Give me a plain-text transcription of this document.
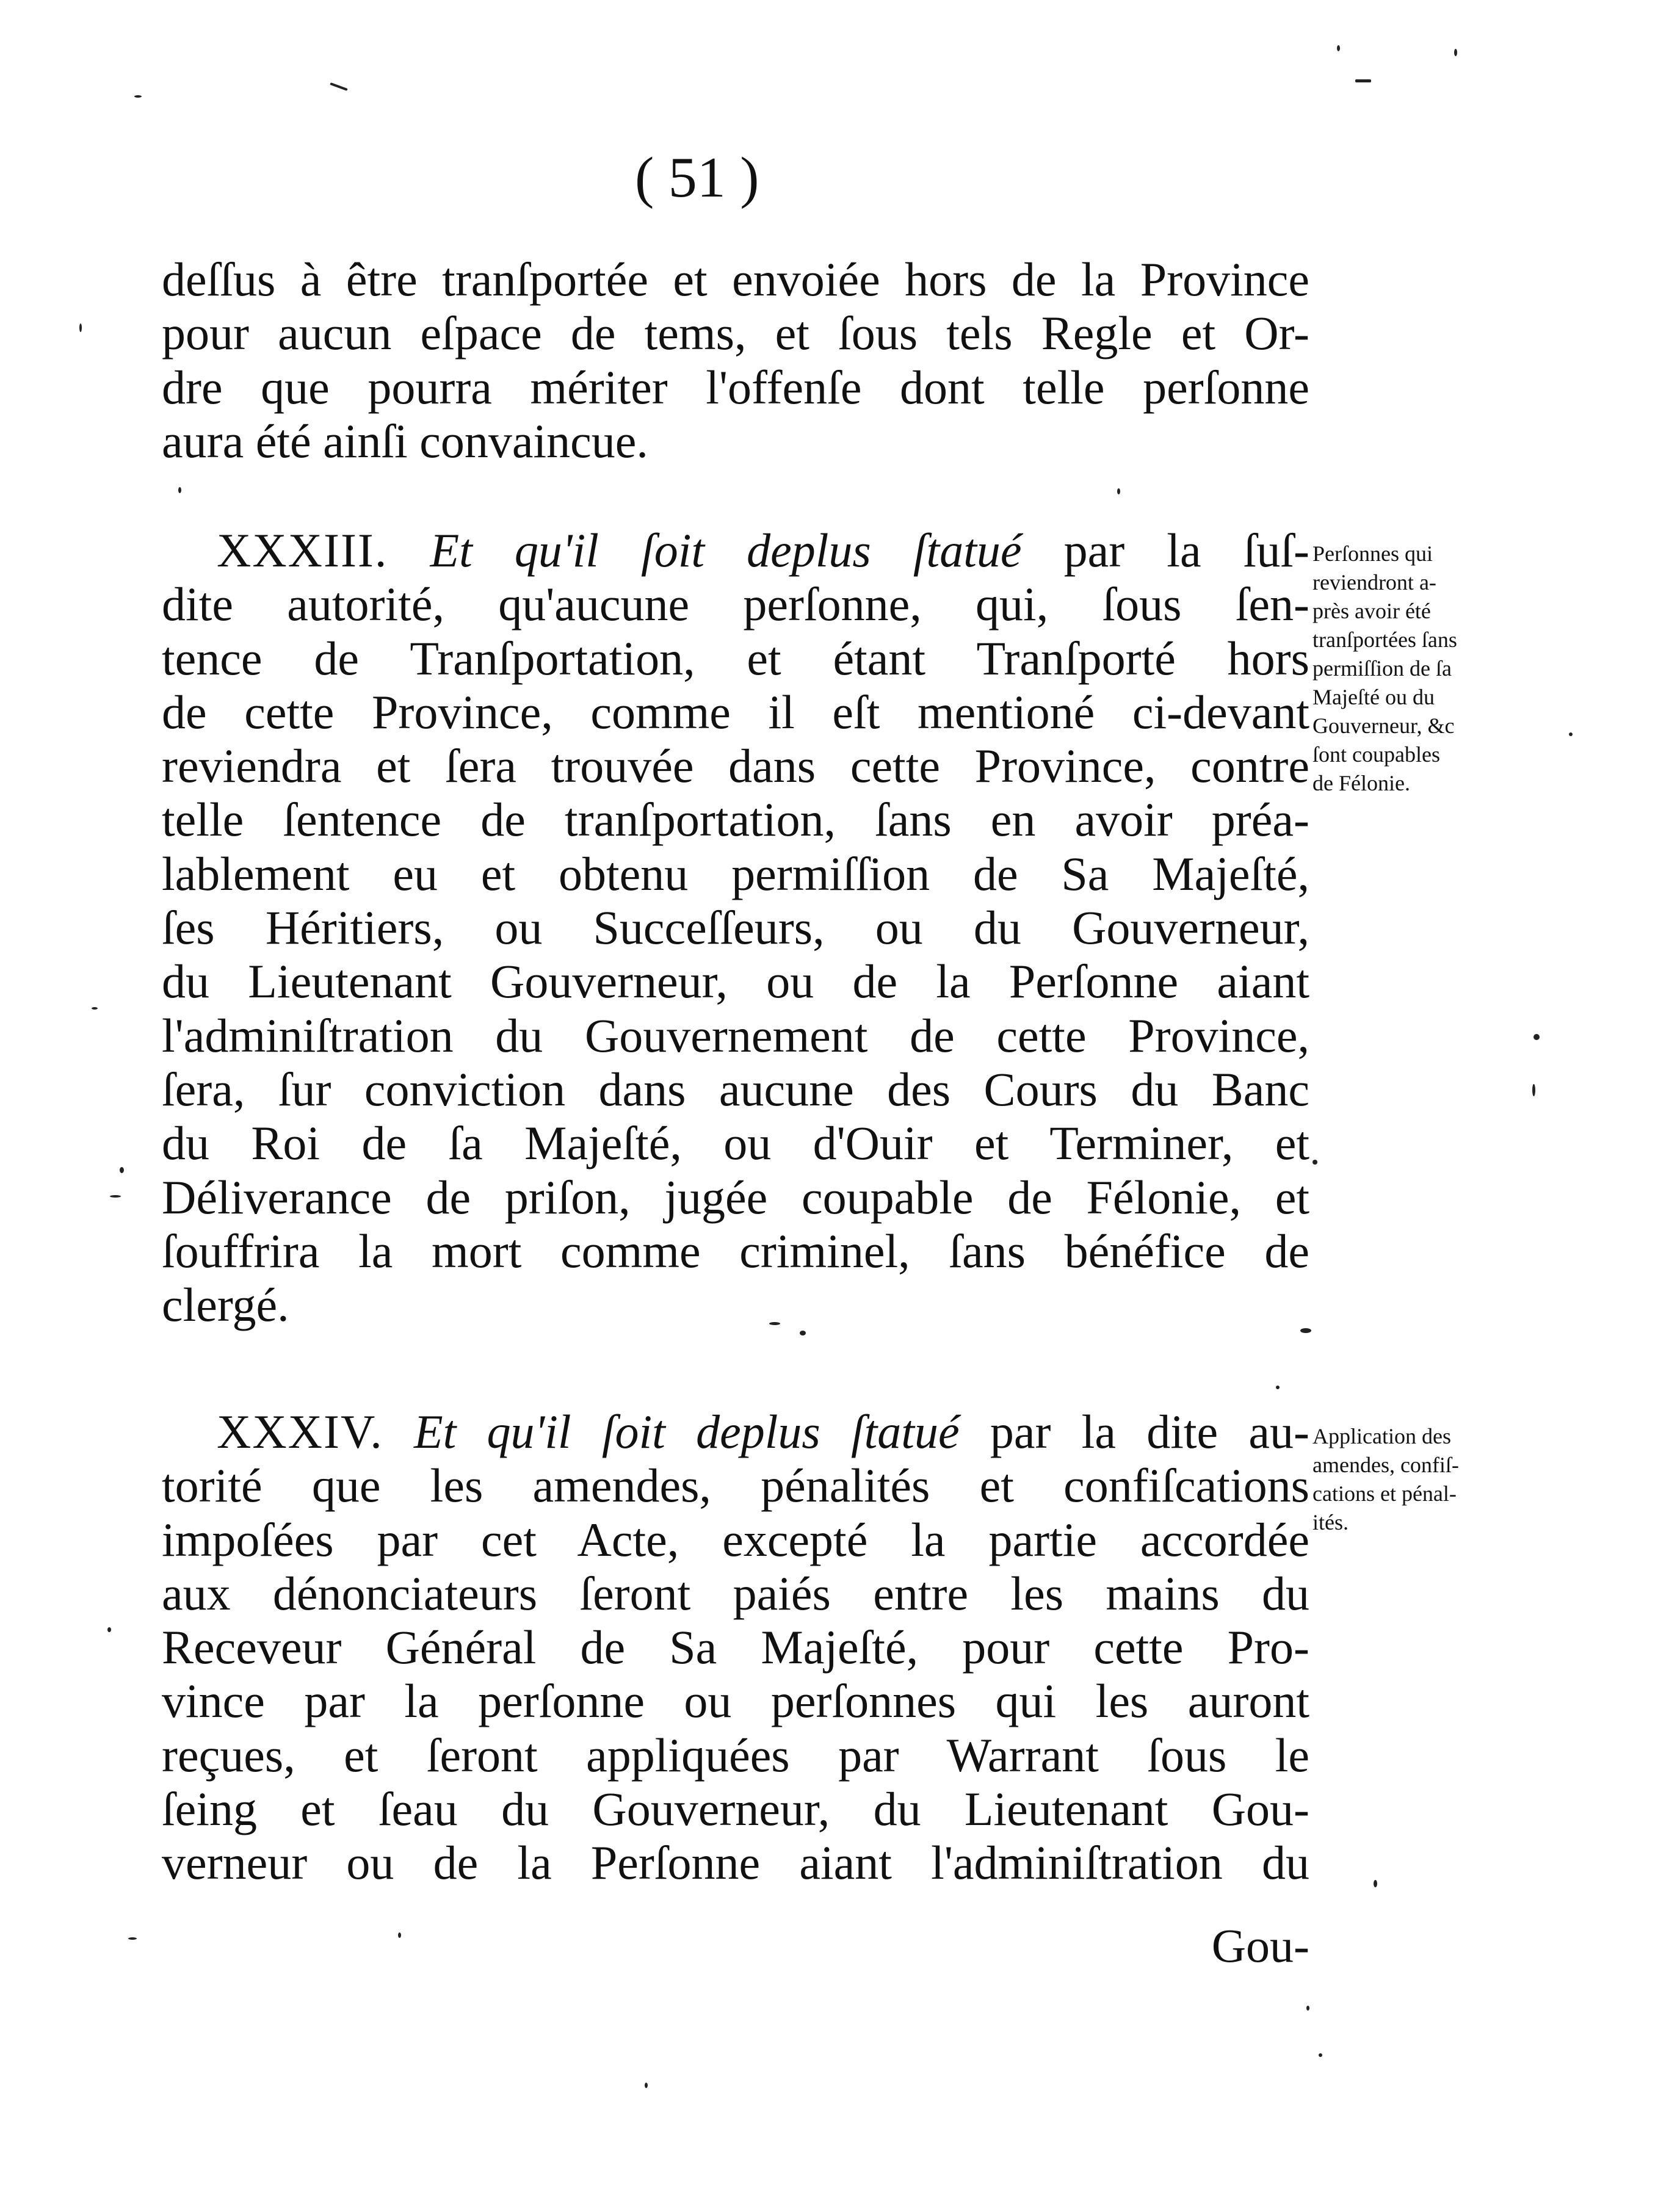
( 51 )
deſſus à être tranſportée et envoiée hors de la Province
pour aucun eſpace de tems, et ſous tels Regle et Or-
dre que pourra mériter l'offenſe dont telle perſonne
aura été ainſi convaincue.
XXXIII. Et qu'il ſoit deplus ſtatué par la ſuſ-
dite autorité, qu'aucune perſonne, qui, ſous ſen-
tence de Tranſportation, et étant Tranſporté hors
de cette Province, comme il eſt mentioné ci-devant
reviendra et ſera trouvée dans cette Province, contre
telle ſentence de tranſportation, ſans en avoir préa-
lablement eu et obtenu permiſſion de Sa Majeſté,
ſes Héritiers, ou Succeſſeurs, ou du Gouverneur,
du Lieutenant Gouverneur, ou de la Perſonne aiant
l'adminiſtration du Gouvernement de cette Province,
ſera, ſur conviction dans aucune des Cours du Banc
du Roi de ſa Majeſté, ou d'Ouir et Terminer, et
Déliverance de priſon, jugée coupable de Félonie, et
ſouffrira la mort comme criminel, ſans bénéfice de
clergé.
Perſonnes qui
reviendront a-
près avoir été
tranſportées ſans
permiſſion de ſa
Majeſté ou du
Gouverneur, &c
ſont coupables
de Félonie.
XXXIV. Et qu'il ſoit deplus ſtatué par la dite au-
torité que les amendes, pénalités et confiſcations
impoſées par cet Acte, excepté la partie accordée
aux dénonciateurs ſeront paiés entre les mains du
Receveur Général de Sa Majeſté, pour cette Pro-
vince par la perſonne ou perſonnes qui les auront
reçues, et ſeront appliquées par Warrant ſous le
ſeing et ſeau du Gouverneur, du Lieutenant Gou-
verneur ou de la Perſonne aiant l'adminiſtration du
Application des
amendes, confiſ-
cations et pénal-
ités.
Gou-
